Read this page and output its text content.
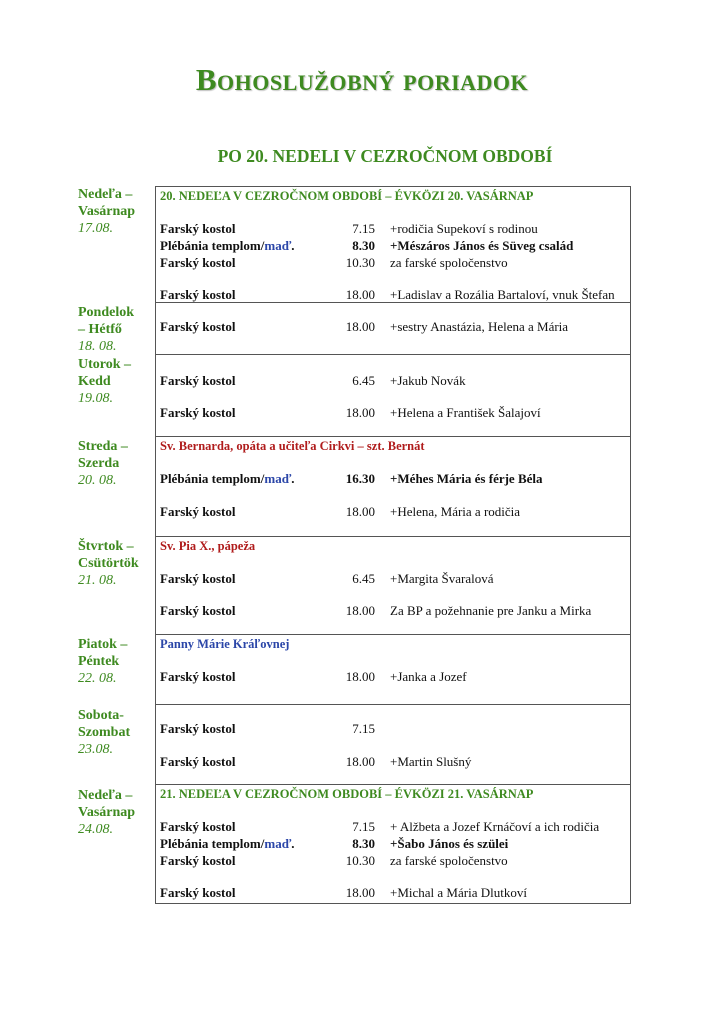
Bohoslužobný poriadok
PO 20. NEDELI V CEZROČNOM OBDOBÍ
Nedeľa –
Vasárnap
17.08.
20. NEDEĽA V CEZROČNOM OBDOBÍ – ÉVKÖZI 20. VASÁRNAP
Farský kostol	7.15 +rodičia Supekoví s rodinou
Plébánia templom/maď.	8.30 +Mészáros János és Süveg család
Farský kostol	10.30 za farské spoločenstvo
Farský kostol	18.00 +Ladislav a Rozália Bartaloví, vnuk Štefan
Pondelok
– Hétfő
18. 08.
Farský kostol	18.00 +sestry Anastázia, Helena a Mária
Utorok –
Kedd
19.08.
Farský kostol	6.45 +Jakub Novák
Farský kostol	18.00 +Helena a František Šalajoví
Streda –
Szerda
20. 08.
Sv. Bernarda, opáta a učiteľa Cirkvi – szt. Bernát
Plébánia templom/maď.	16.30 +Méhes Mária és férje Béla
Farský kostol	18.00 +Helena, Mária a rodičia
Štvrtok –
Csütörtök
21. 08.
Sv. Pia X., pápeža
Farský kostol	6.45 +Margita Švaralová
Farský kostol	18.00 Za BP a požehnanie pre Janku a Mirka
Piatok –
Péntek
22. 08.
Panny Márie Kráľovnej
Farský kostol	18.00 +Janka a Jozef
Sobota-
Szombat
23.08.
Farský kostol	7.15
Farský kostol	18.00 +Martin Slušný
Nedeľa –
Vasárnap
24.08.
21. NEDEĽA V CEZROČNOM OBDOBÍ – ÉVKÖZI 21. VASÁRNAP
Farský kostol	7.15 + Alžbeta a Jozef Krnáčoví a ich rodičia
Plébánia templom/maď.	8.30 +Šabo János és szülei
Farský kostol	10.30 za farské spoločenstvo
Farský kostol	18.00 +Michal a Mária Dlutkoví
